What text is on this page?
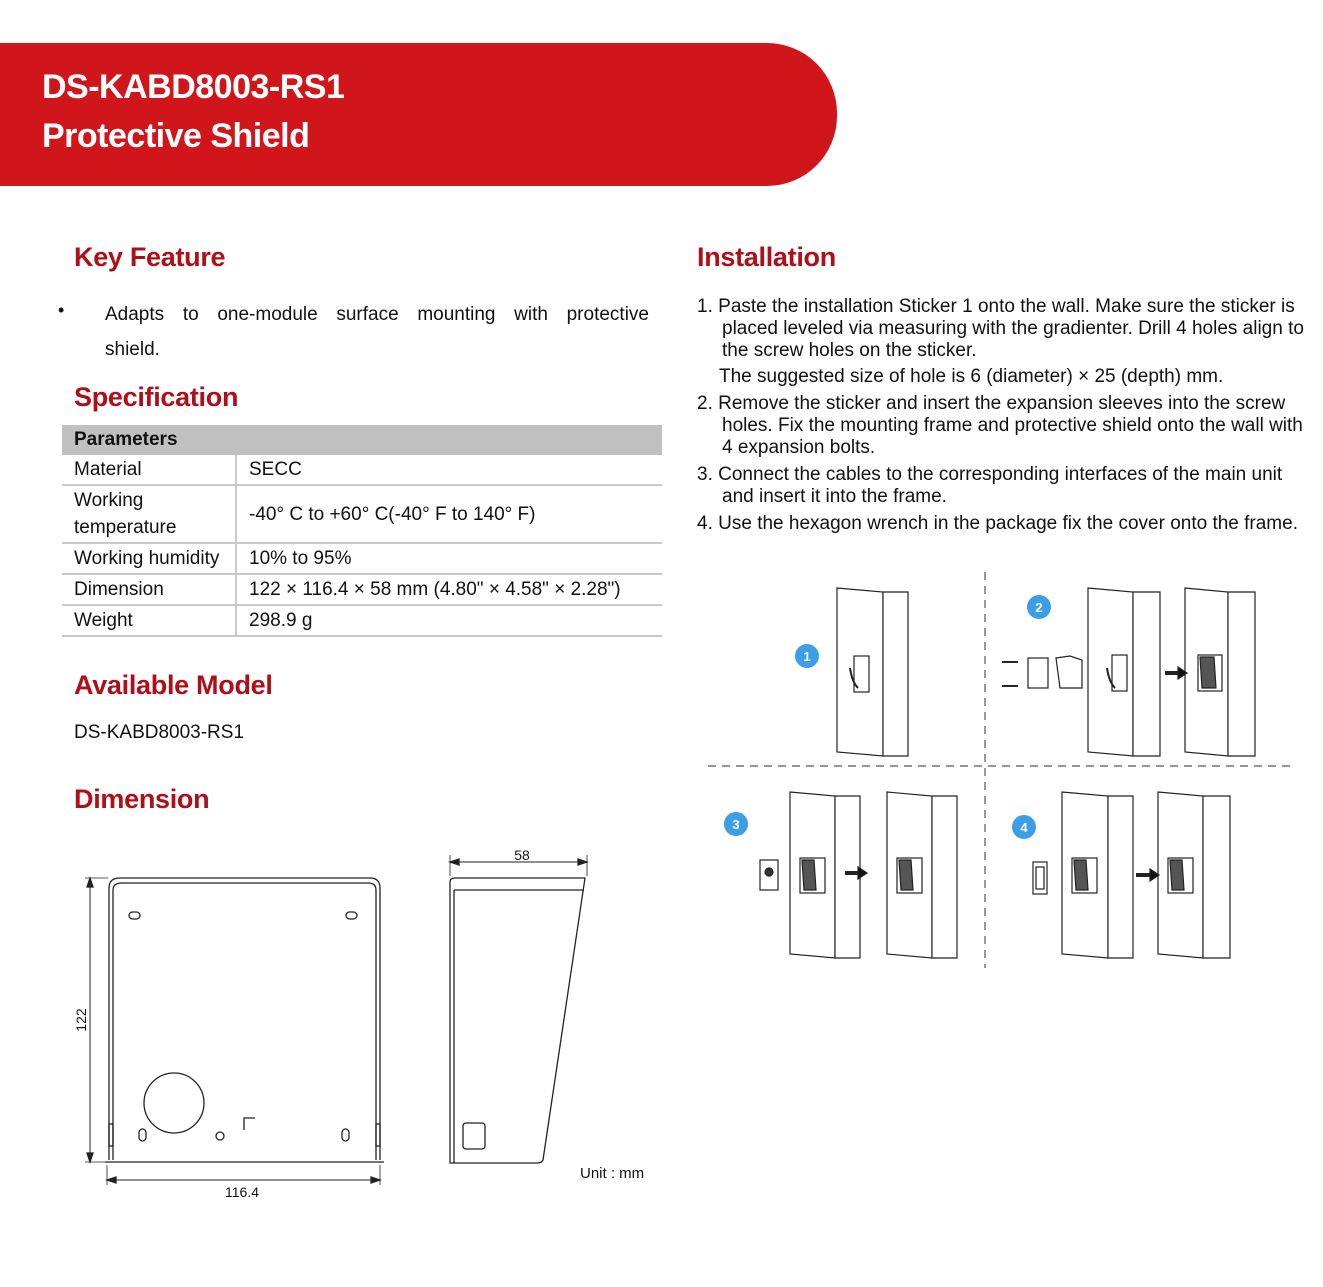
DS-KABD8003-RS1
Protective Shield
Key Feature
• Adapts to one-module surface mounting with protective shield.
Specification
Parameters	
Material	SECC
Working temperature	-40° C to +60° C(-40° F to 140° F)
Working humidity	10% to 95%
Dimension	122 × 116.4 × 58 mm (4.80" × 4.58" × 2.28")
Weight	298.9 g
Available Model
DS-KABD8003-RS1
Dimension
122
116.4
58
Unit : mm
Installation
1. Paste the installation Sticker 1 onto the wall. Make sure the sticker is placed leveled via measuring with the gradienter. Drill 4 holes align to the screw holes on the sticker.
The suggested size of hole is 6 (diameter) × 25 (depth) mm.
2. Remove the sticker and insert the expansion sleeves into the screw holes. Fix the mounting frame and protective shield onto the wall with 4 expansion bolts.
3. Connect the cables to the corresponding interfaces of the main unit and insert it into the frame.
4. Use the hexagon wrench in the package fix the cover onto the frame.
1
2
3	4
